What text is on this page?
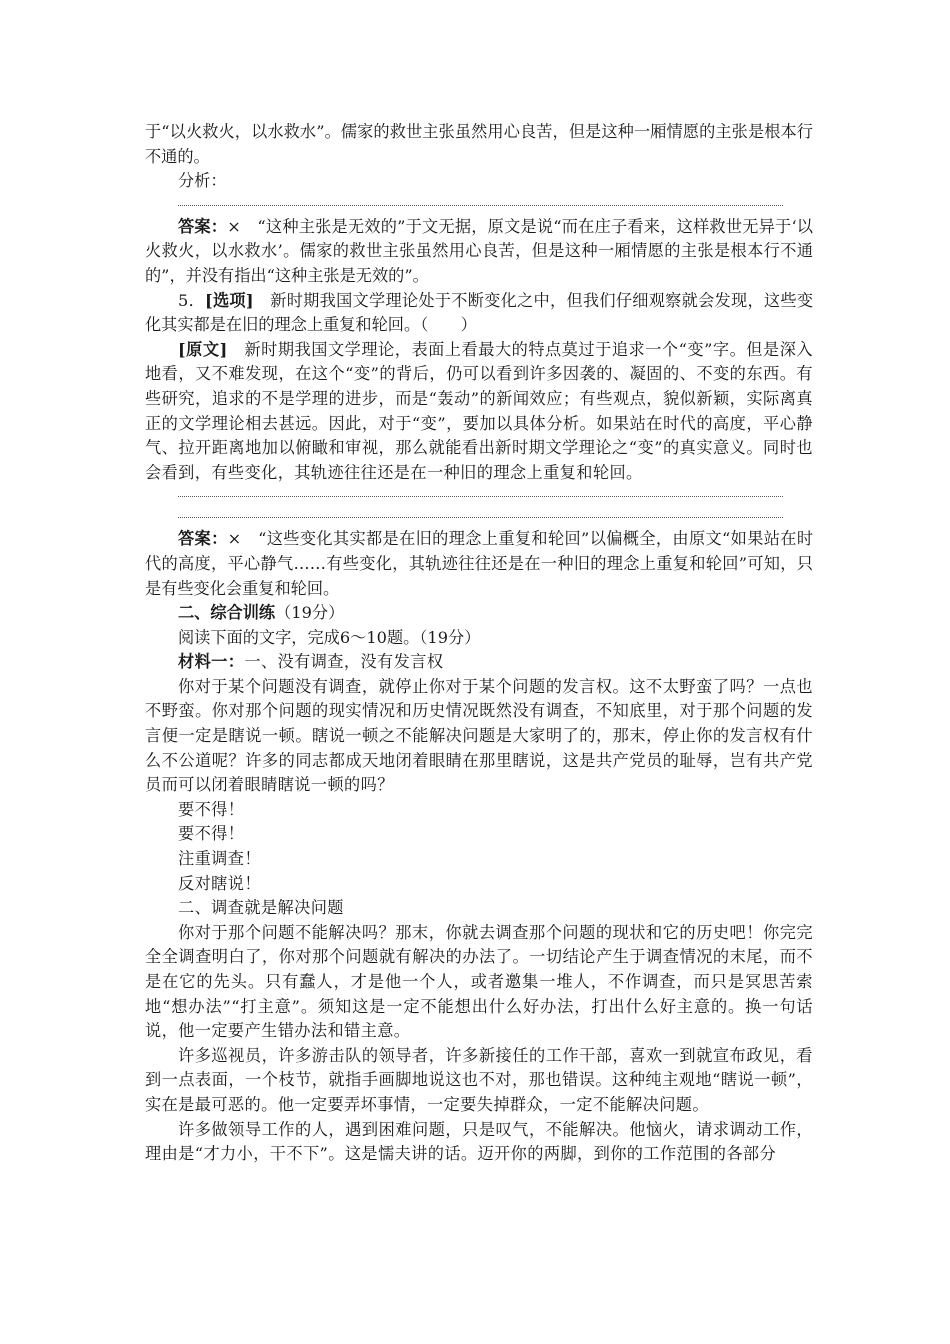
于“以火救火，以水救水”。儒家的救世主张虽然用心良苦，但是这种一厢情愿的主张是根本行不通的。

分析：

答案：×　 “这种主张是无效的”于文无据，原文是说“而在庄子看来，这样救世无异于‘以火救火，以水救水’。儒家的救世主张虽然用心良苦，但是这种一厢情愿的主张是根本行不通的”，并没有指出“这种主张是无效的”。

5．[选项]　 新时期我国文学理论处于不断变化之中，但我们仔细观察就会发现，这些变化其实都是在旧的理念上重复和轮回。（　　）

[原文]　 新时期我国文学理论，表面上看最大的特点莫过于追求一个“变”字。但是深入地看，又不难发现，在这个“变”的背后，仍可以看到许多因袭的、凝固的、不变的东西。有些研究，追求的不是学理的进步，而是“轰动”的新闻效应；有些观点，貌似新颖，实际离真正的文学理论相去甚远。因此，对于“变”，要加以具体分析。如果站在时代的高度，平心静气、拉开距离地加以俯瞰和审视，那么就能看出新时期文学理论之“变”的真实意义。同时也会看到，有些变化，其轨迹往往还是在一种旧的理念上重复和轮回。

答案：×　 “这些变化其实都是在旧的理念上重复和轮回”以偏概全，由原文“如果站在时代的高度，平心静气……有些变化，其轨迹往往还是在一种旧的理念上重复和轮回”可知，只是有些变化会重复和轮回。

二、综合训练（19分）

阅读下面的文字，完成6～10题。（19分）

材料一：一、没有调查，没有发言权

你对于某个问题没有调查，就停止你对于某个问题的发言权。这不太野蛮了吗？一点也不野蛮。你对那个问题的现实情况和历史情况既然没有调查，不知底里，对于那个问题的发言便一定是瞎说一顿。瞎说一顿之不能解决问题是大家明了的，那末，停止你的发言权有什么不公道呢？许多的同志都成天地闭着眼睛在那里瞎说，这是共产党员的耻辱，岂有共产党员而可以闭着眼睛瞎说一顿的吗？

要不得！

要不得！

注重调查！

反对瞎说！

二、调查就是解决问题

你对于那个问题不能解决吗？那末，你就去调查那个问题的现状和它的历史吧！你完完全全调查明白了，你对那个问题就有解决的办法了。一切结论产生于调查情况的末尾，而不是在它的先头。只有蠢人，才是他一个人，或者邀集一堆人，不作调查，而只是冥思苦索地“想办法”“打主意”。须知这是一定不能想出什么好办法，打出什么好主意的。换一句话说，他一定要产生错办法和错主意。

许多巡视员，许多游击队的领导者，许多新接任的工作干部，喜欢一到就宣布政见，看到一点表面，一个枝节，就指手画脚地说这也不对，那也错误。这种纯主观地“瞎说一顿”，实在是最可恶的。他一定要弄坏事情，一定要失掉群众，一定不能解决问题。

许多做领导工作的人，遇到困难问题，只是叹气，不能解决。他恼火，请求调动工作，理由是“才力小，干不下”。这是懦夫讲的话。迈开你的两脚，到你的工作范围的各部分
